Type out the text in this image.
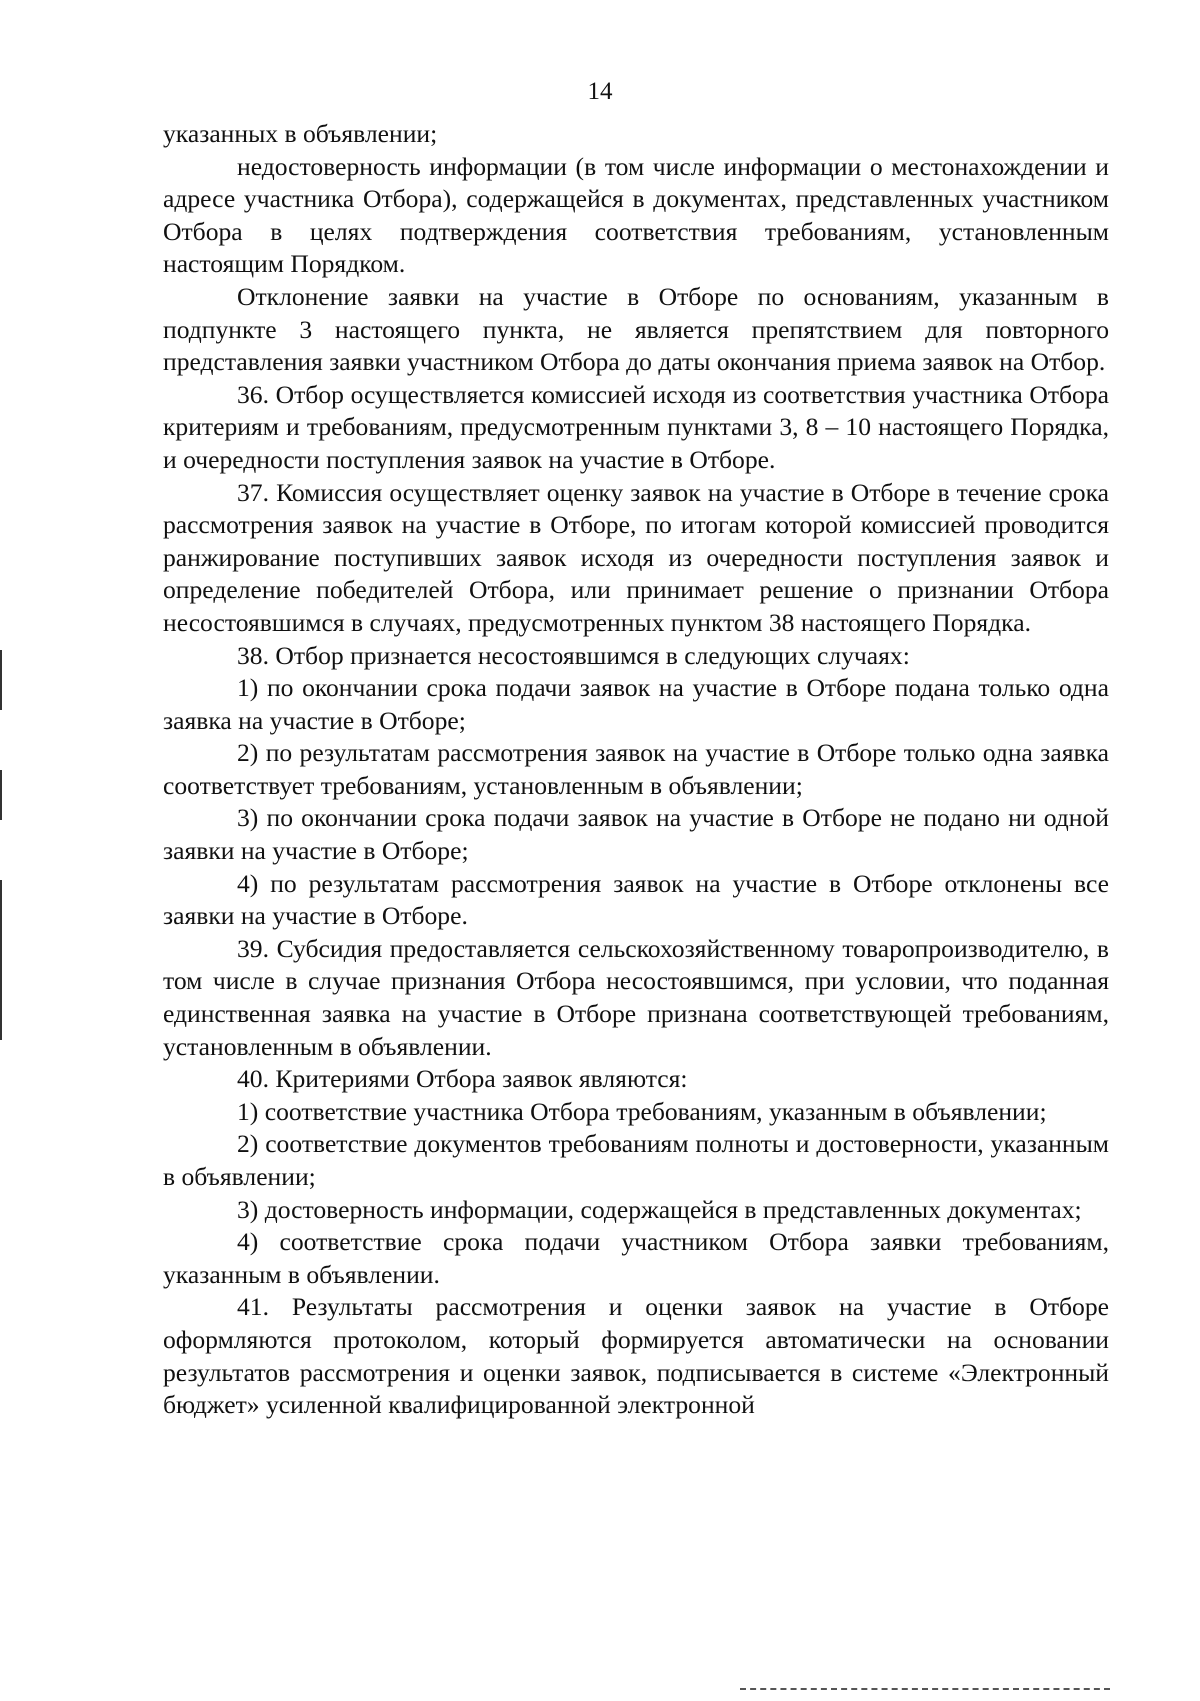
14

указанных в объявлении;

недостоверность информации (в том числе информации о местонахождении и адресе участника Отбора), содержащейся в документах, представленных участником Отбора в целях подтверждения соответствия требованиям, установленным настоящим Порядком.

Отклонение заявки на участие в Отборе по основаниям, указанным в подпункте 3 настоящего пункта, не является препятствием для повторного представления заявки участником Отбора до даты окончания приема заявок на Отбор.

36. Отбор осуществляется комиссией исходя из соответствия участника Отбора критериям и требованиям, предусмотренным пунктами 3, 8 – 10 настоящего Порядка, и очередности поступления заявок на участие в Отборе.

37. Комиссия осуществляет оценку заявок на участие в Отборе в течение срока рассмотрения заявок на участие в Отборе, по итогам которой комиссией проводится ранжирование поступивших заявок исходя из очередности поступления заявок и определение победителей Отбора, или принимает решение о признании Отбора несостоявшимся в случаях, предусмотренных пунктом 38 настоящего Порядка.

38. Отбор признается несостоявшимся в следующих случаях:

1) по окончании срока подачи заявок на участие в Отборе подана только одна заявка на участие в Отборе;

2) по результатам рассмотрения заявок на участие в Отборе только одна заявка соответствует требованиям, установленным в объявлении;

3) по окончании срока подачи заявок на участие в Отборе не подано ни одной заявки на участие в Отборе;

4) по результатам рассмотрения заявок на участие в Отборе отклонены все заявки на участие в Отборе.

39. Субсидия предоставляется сельскохозяйственному товаропроизводителю, в том числе в случае признания Отбора несостоявшимся, при условии, что поданная единственная заявка на участие в Отборе признана соответствующей требованиям, установленным в объявлении.

40. Критериями Отбора заявок являются:

1) соответствие участника Отбора требованиям, указанным в объявлении;

2) соответствие документов требованиям полноты и достоверности, указанным в объявлении;

3) достоверность информации, содержащейся в представленных документах;

4) соответствие срока подачи участником Отбора заявки требованиям, указанным в объявлении.

41. Результаты рассмотрения и оценки заявок на участие в Отборе оформляются протоколом, который формируется автоматически на основании результатов рассмотрения и оценки заявок, подписывается в системе «Электронный бюджет» усиленной квалифицированной электронной
